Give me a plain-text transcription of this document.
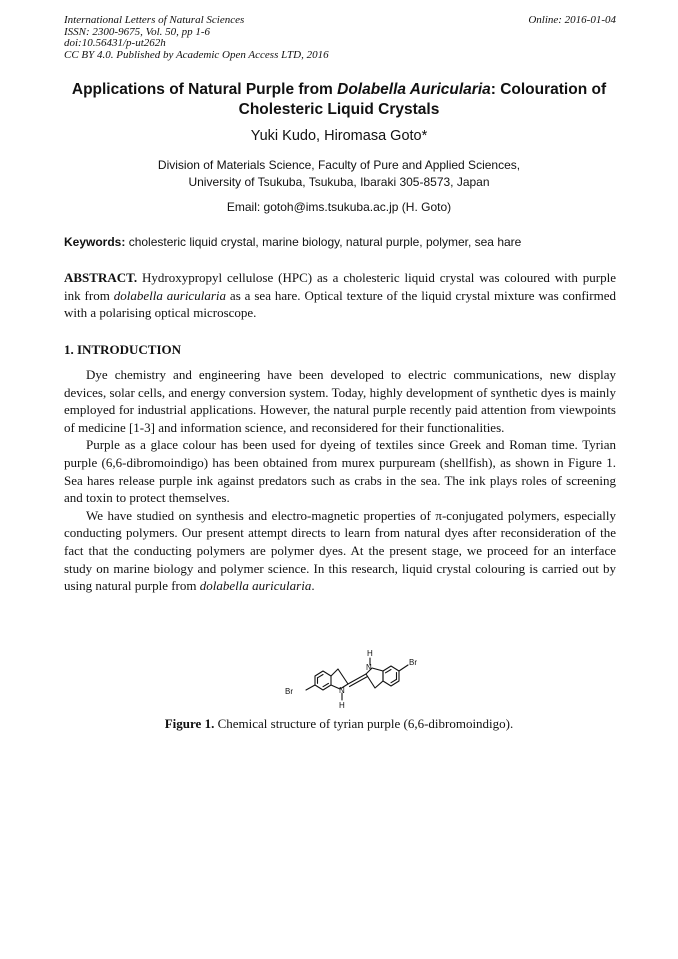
International Letters of Natural Sciences
ISSN: 2300-9675, Vol. 50, pp 1-6
doi:10.56431/p-ut262h
CC BY 4.0. Published by Academic Open Access LTD, 2016
Online: 2016-01-04
Applications of Natural Purple from Dolabella Auricularia: Colouration of Cholesteric Liquid Crystals
Yuki Kudo, Hiromasa Goto*
Division of Materials Science, Faculty of Pure and Applied Sciences,
University of Tsukuba, Tsukuba, Ibaraki 305-8573, Japan
Email: gotoh@ims.tsukuba.ac.jp (H. Goto)
Keywords: cholesteric liquid crystal, marine biology, natural purple, polymer, sea hare
ABSTRACT. Hydroxypropyl cellulose (HPC) as a cholesteric liquid crystal was coloured with purple ink from dolabella auricularia as a sea hare. Optical texture of the liquid crystal mixture was confirmed with a polarising optical microscope.
1. INTRODUCTION

Dye chemistry and engineering have been developed to electric communications, new display devices, solar cells, and energy conversion system. Today, highly development of synthetic dyes is mainly employed for industrial applications. However, the natural purple recently paid attention from viewpoints of medicine [1-3] and information science, and reconsidered for their functionalities.

Purple as a glace colour has been used for dyeing of textiles since Greek and Roman time. Tyrian purple (6,6-dibromoindigo) has been obtained from murex purpuream (shellfish), as shown in Figure 1. Sea hares release purple ink against predators such as crabs in the sea. The ink plays roles of screening and toxin to protect themselves.

We have studied on synthesis and electro-magnetic properties of π-conjugated polymers, especially conducting polymers. Our present attempt directs to learn from natural dyes after reconsideration of the fact that the conducting polymers are polymer dyes. At the present stage, we proceed for an interface study on marine biology and polymer science. In this research, liquid crystal colouring is carried out by using natural purple from dolabella auricularia.

H
N
Br
Br	N
H
Figure 1. Chemical structure of tyrian purple (6,6-dibromoindigo).
